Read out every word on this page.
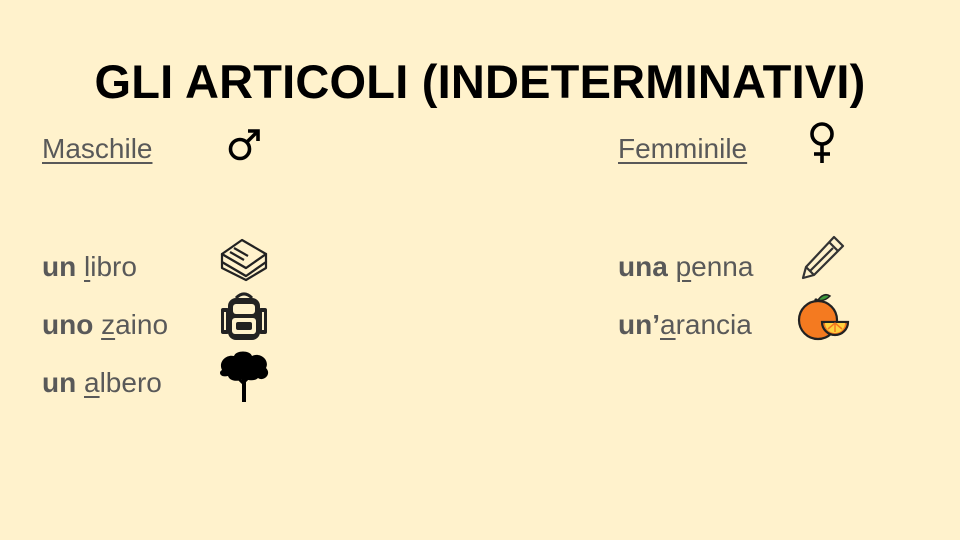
GLI ARTICOLI (INDETERMINATIVI)
Maschile
un libro
uno zaino
un albero
Femminile
una penna
un’arancia
